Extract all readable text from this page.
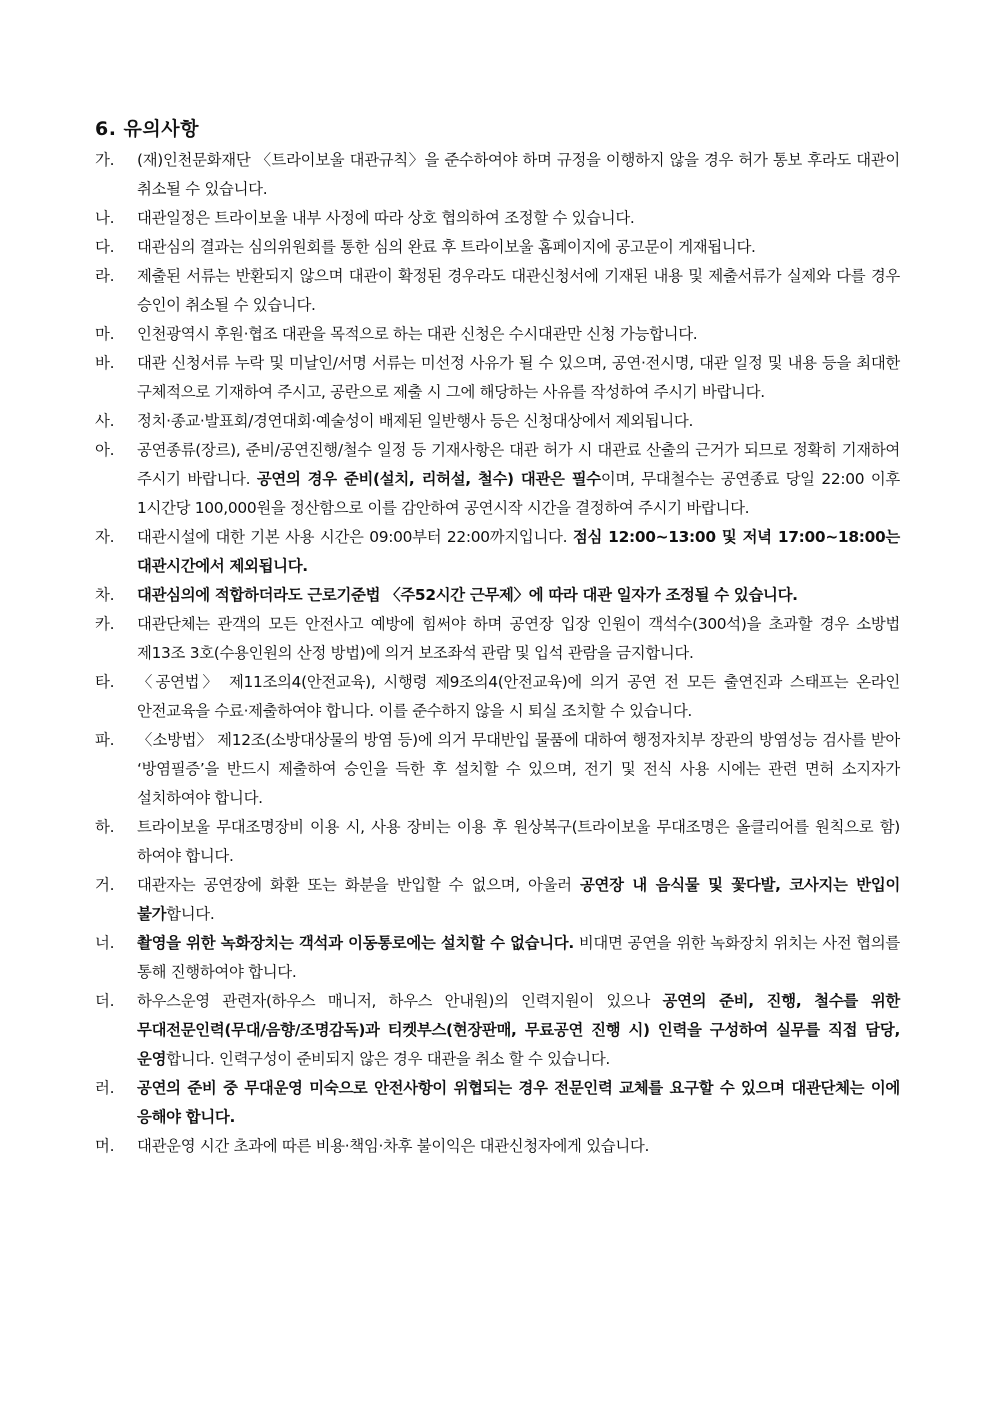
6. 유의사항
가.	(재)인천문화재단 〈트라이보울 대관규칙〉을 준수하여야 하며 규정을 이행하지 않을 경우 허가 통보 후라도 대관이 취소될 수 있습니다.
나.	대관일정은 트라이보울 내부 사정에 따라 상호 협의하여 조정할 수 있습니다.
다.	대관심의 결과는 심의위원회를 통한 심의 완료 후 트라이보울 홈페이지에 공고문이 게재됩니다.
라.	제출된 서류는 반환되지 않으며 대관이 확정된 경우라도 대관신청서에 기재된 내용 및 제출서류가 실제와 다를 경우 승인이 취소될 수 있습니다.
마.	인천광역시 후원·협조 대관을 목적으로 하는 대관 신청은 수시대관만 신청 가능합니다.
바.	대관 신청서류 누락 및 미날인/서명 서류는 미선정 사유가 될 수 있으며, 공연·전시명, 대관 일정 및 내용 등을 최대한 구체적으로 기재하여 주시고, 공란으로 제출 시 그에 해당하는 사유를 작성하여 주시기 바랍니다.
사.	정치·종교·발표회/경연대회·예술성이 배제된 일반행사 등은 신청대상에서 제외됩니다.
아.	공연종류(장르), 준비/공연진행/철수 일정 등 기재사항은 대관 허가 시 대관료 산출의 근거가 되므로 정확히 기재하여 주시기 바랍니다. 공연의 경우 준비(설치, 리허설, 철수) 대관은 필수이며, 무대철수는 공연종료 당일 22:00 이후 1시간당 100,000원을 정산함으로 이를 감안하여 공연시작 시간을 결정하여 주시기 바랍니다.
자.	대관시설에 대한 기본 사용 시간은 09:00부터 22:00까지입니다. 점심 12:00~13:00 및 저녁 17:00~18:00는 대관시간에서 제외됩니다.
차.	대관심의에 적합하더라도 근로기준법 〈주52시간 근무제〉에 따라 대관 일자가 조정될 수 있습니다.
카.	대관단체는 관객의 모든 안전사고 예방에 힘써야 하며 공연장 입장 인원이 객석수(300석)을 초과할 경우 소방법 제13조 3호(수용인원의 산정 방법)에 의거 보조좌석 관람 및 입석 관람을 금지합니다.
타.	〈공연법〉 제11조의4(안전교육), 시행령 제9조의4(안전교육)에 의거 공연 전 모든 출연진과 스태프는 온라인 안전교육을 수료·제출하여야 합니다. 이를 준수하지 않을 시 퇴실 조치할 수 있습니다.
파.	〈소방법〉 제12조(소방대상물의 방염 등)에 의거 무대반입 물품에 대하여 행정자치부 장관의 방염성능 검사를 받아 ‘방염필증’을 반드시 제출하여 승인을 득한 후 설치할 수 있으며, 전기 및 전식 사용 시에는 관련 면허 소지자가 설치하여야 합니다.
하.	트라이보울 무대조명장비 이용 시, 사용 장비는 이용 후 원상복구(트라이보울 무대조명은 올클리어를 원칙으로 함)하여야 합니다.
거.	대관자는 공연장에 화환 또는 화분을 반입할 수 없으며, 아울러 공연장 내 음식물 및 꽃다발, 코사지는 반입이 불가합니다.
너.	촬영을 위한 녹화장치는 객석과 이동통로에는 설치할 수 없습니다. 비대면 공연을 위한 녹화장치 위치는 사전 협의를 통해 진행하여야 합니다.
더.	하우스운영 관련자(하우스 매니저, 하우스 안내원)의 인력지원이 있으나 공연의 준비, 진행, 철수를 위한 무대전문인력(무대/음향/조명감독)과 티켓부스(현장판매, 무료공연 진행 시) 인력을 구성하여 실무를 직접 담당, 운영합니다. 인력구성이 준비되지 않은 경우 대관을 취소 할 수 있습니다.
러.	공연의 준비 중 무대운영 미숙으로 안전사항이 위협되는 경우 전문인력 교체를 요구할 수 있으며 대관단체는 이에 응해야 합니다.
머.	대관운영 시간 초과에 따른 비용·책임·차후 불이익은 대관신청자에게 있습니다.
